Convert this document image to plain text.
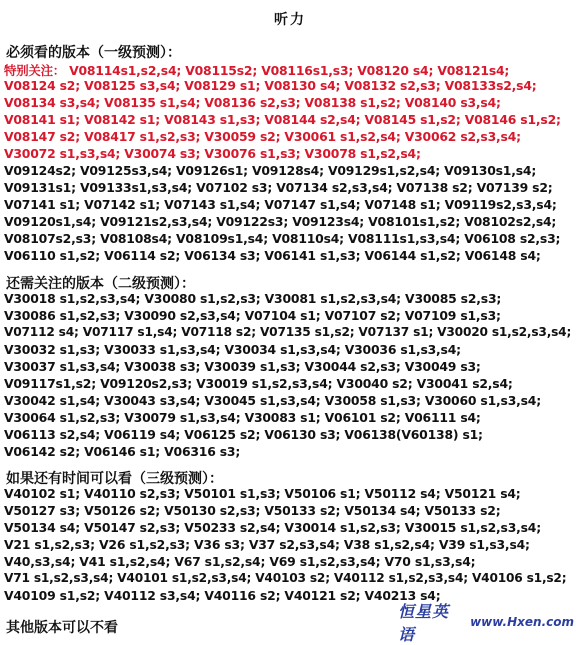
听力
必须看的版本（一级预测）：
特别关注： V08114s1,s2,s4; V08115s2; V08116s1,s3; V08120 s4; V08121s4;
V08124 s2; V08125 s3,s4; V08129 s1; V08130 s4; V08132 s2,s3; V08133s2,s4;
V08134 s3,s4; V08135 s1,s4; V08136 s2,s3; V08138 s1,s2; V08140 s3,s4;
V08141 s1; V08142 s1; V08143 s1,s3; V08144 s2,s4; V08145 s1,s2; V08146 s1,s2;
V08147 s2; V08417 s1,s2,s3; V30059 s2; V30061 s1,s2,s4; V30062 s2,s3,s4;
V30072 s1,s3,s4; V30074 s3; V30076 s1,s3; V30078 s1,s2,s4;
V09124s2; V09125s3,s4; V09126s1; V09128s4; V09129s1,s2,s4; V09130s1,s4;
V09131s1; V09133s1,s3,s4; V07102 s3; V07134 s2,s3,s4; V07138 s2; V07139 s2;
V07141 s1; V07142 s1; V07143 s1,s4; V07147 s1,s4; V07148 s1; V09119s2,s3,s4;
V09120s1,s4; V09121s2,s3,s4; V09122s3; V09123s4; V08101s1,s2; V08102s2,s4;
V08107s2,s3; V08108s4; V08109s1,s4; V08110s4; V08111s1,s3,s4; V06108 s2,s3;
V06110 s1,s2; V06114 s2; V06134 s3; V06141 s1,s3; V06144 s1,s2; V06148 s4;
还需关注的版本（二级预测）：
V30018 s1,s2,s3,s4; V30080 s1,s2,s3; V30081 s1,s2,s3,s4; V30085 s2,s3;
V30086 s1,s2,s3; V30090 s2,s3,s4; V07104 s1; V07107 s2; V07109 s1,s3;
V07112 s4; V07117 s1,s4; V07118 s2; V07135 s1,s2; V07137 s1; V30020 s1,s2,s3,s4;
V30032 s1,s3; V30033 s1,s3,s4; V30034 s1,s3,s4; V30036 s1,s3,s4;
V30037 s1,s3,s4; V30038 s3; V30039 s1,s3; V30044 s2,s3; V30049 s3;
V09117s1,s2; V09120s2,s3; V30019 s1,s2,s3,s4; V30040 s2; V30041 s2,s4;
V30042 s1,s4; V30043 s3,s4; V30045 s1,s3,s4; V30058 s1,s3; V30060 s1,s3,s4;
V30064 s1,s2,s3; V30079 s1,s3,s4; V30083 s1; V06101 s2; V06111 s4;
V06113 s2,s4; V06119 s4; V06125 s2; V06130 s3; V06138(V60138) s1;
V06142 s2; V06146 s1; V06316 s3;
如果还有时间可以看（三级预测）：
V40102 s1; V40110 s2,s3; V50101 s1,s3; V50106 s1; V50112 s4; V50121 s4;
V50127 s3; V50126 s2; V50130 s2,s3; V50133 s2; V50134 s4; V50133 s2;
V50134 s4; V50147 s2,s3; V50233 s2,s4; V30014 s1,s2,s3; V30015 s1,s2,s3,s4;
V21 s1,s2,s3; V26 s1,s2,s3; V36 s3; V37 s2,s3,s4; V38 s1,s2,s4; V39 s1,s3,s4;
V40,s3,s4; V41 s1,s2,s4; V67 s1,s2,s4; V69 s1,s2,s3,s4; V70 s1,s3,s4;
V71 s1,s2,s3,s4; V40101 s1,s2,s3,s4; V40103 s2; V40112 s1,s2,s3,s4; V40106 s1,s2;
V40109 s1,s2; V40112 s3,s4; V40116 s2; V40121 s2; V40213 s4;
其他版本可以不看
恒星英语
www.Hxen.com
